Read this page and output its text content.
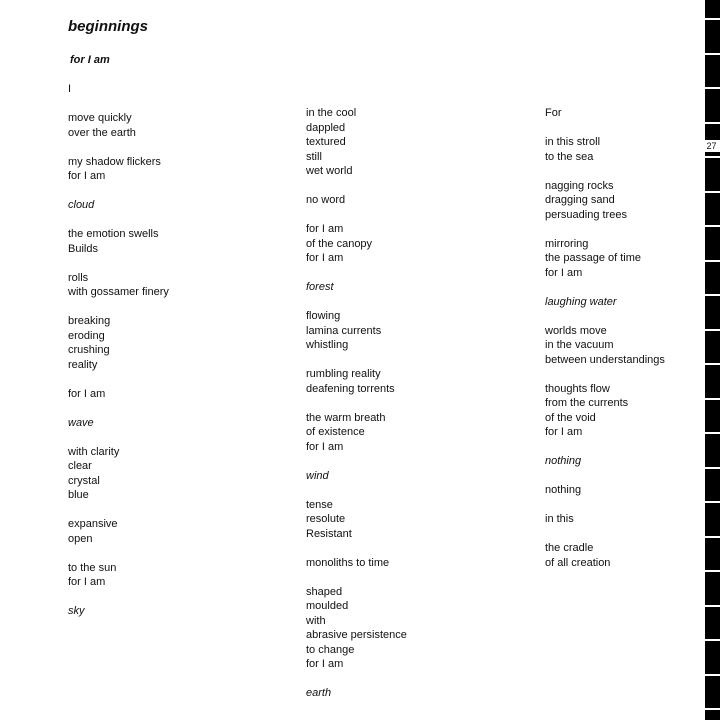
beginnings
for I am
I
move quickly
over the earth
my shadow flickers
for I am
cloud
the emotion swells
Builds
rolls
with gossamer finery
breaking
eroding
crushing
reality
for I am
wave
with clarity
clear
crystal
blue
expansive
open
to the sun
for I am
sky
in the cool
dappled
textured
still
wet world
no word
for I am
of the canopy
for I am
forest
flowing
lamina currents
whistling
rumbling reality
deafening torrents
the warm breath
of existence
for I am
wind
tense
resolute
Resistant
monoliths to time
shaped
moulded
with
abrasive persistence
to change
for I am
earth
For
in this stroll
to the sea
nagging rocks
dragging sand
persuading trees
mirroring
the passage of time
for I am
laughing water
worlds move
in the vacuum
between understandings
thoughts flow
from the currents
of the void
for I am
nothing
nothing
in this
the cradle
of all creation
27
